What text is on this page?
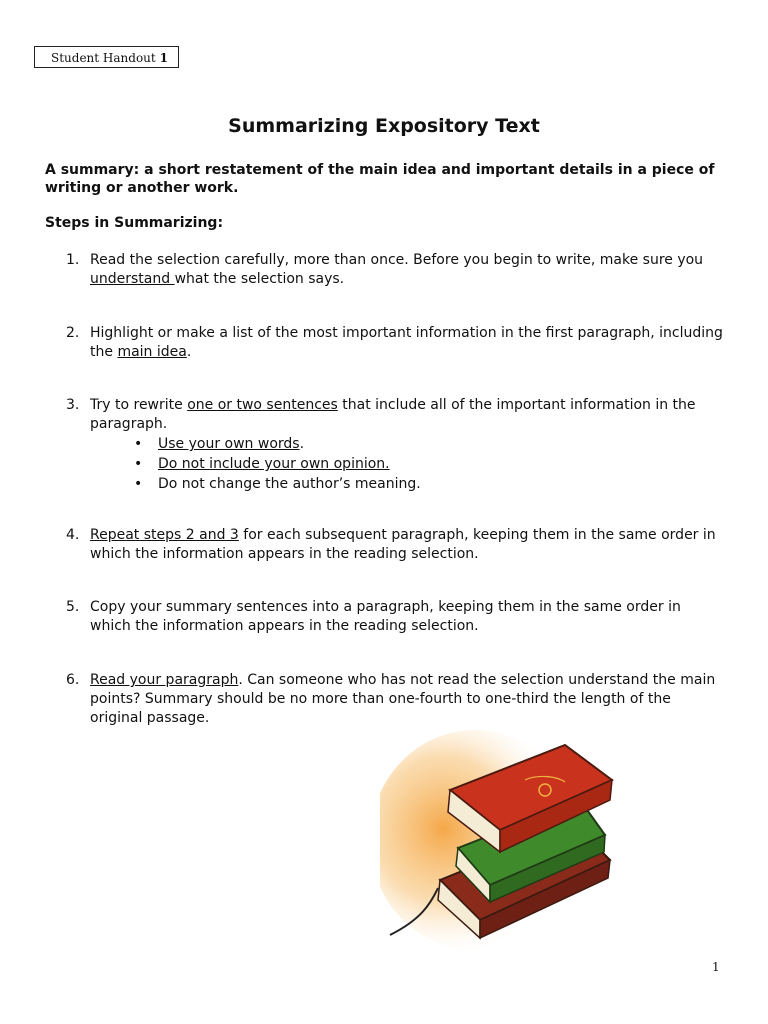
Student Handout 1
Summarizing Expository Text

A summary: a short restatement of the main idea and important details in a piece of writing or another work.

Steps in Summarizing:

1. Read the selection carefully, more than once. Before you begin to write, make sure you understand what the selection says.
2. Highlight or make a list of the most important information in the first paragraph, including the main idea.
3. Try to rewrite one or two sentences that include all of the important information in the paragraph.
• Use your own words.
• Do not include your own opinion.
• Do not change the author’s meaning.
4. Repeat steps 2 and 3 for each subsequent paragraph, keeping them in the same order in which the information appears in the reading selection.
5. Copy your summary sentences into a paragraph, keeping them in the same order in which the information appears in the reading selection.
6. Read your paragraph. Can someone who has not read the selection understand the main points? Summary should be no more than one-fourth to one-third the length of the original passage.
1
